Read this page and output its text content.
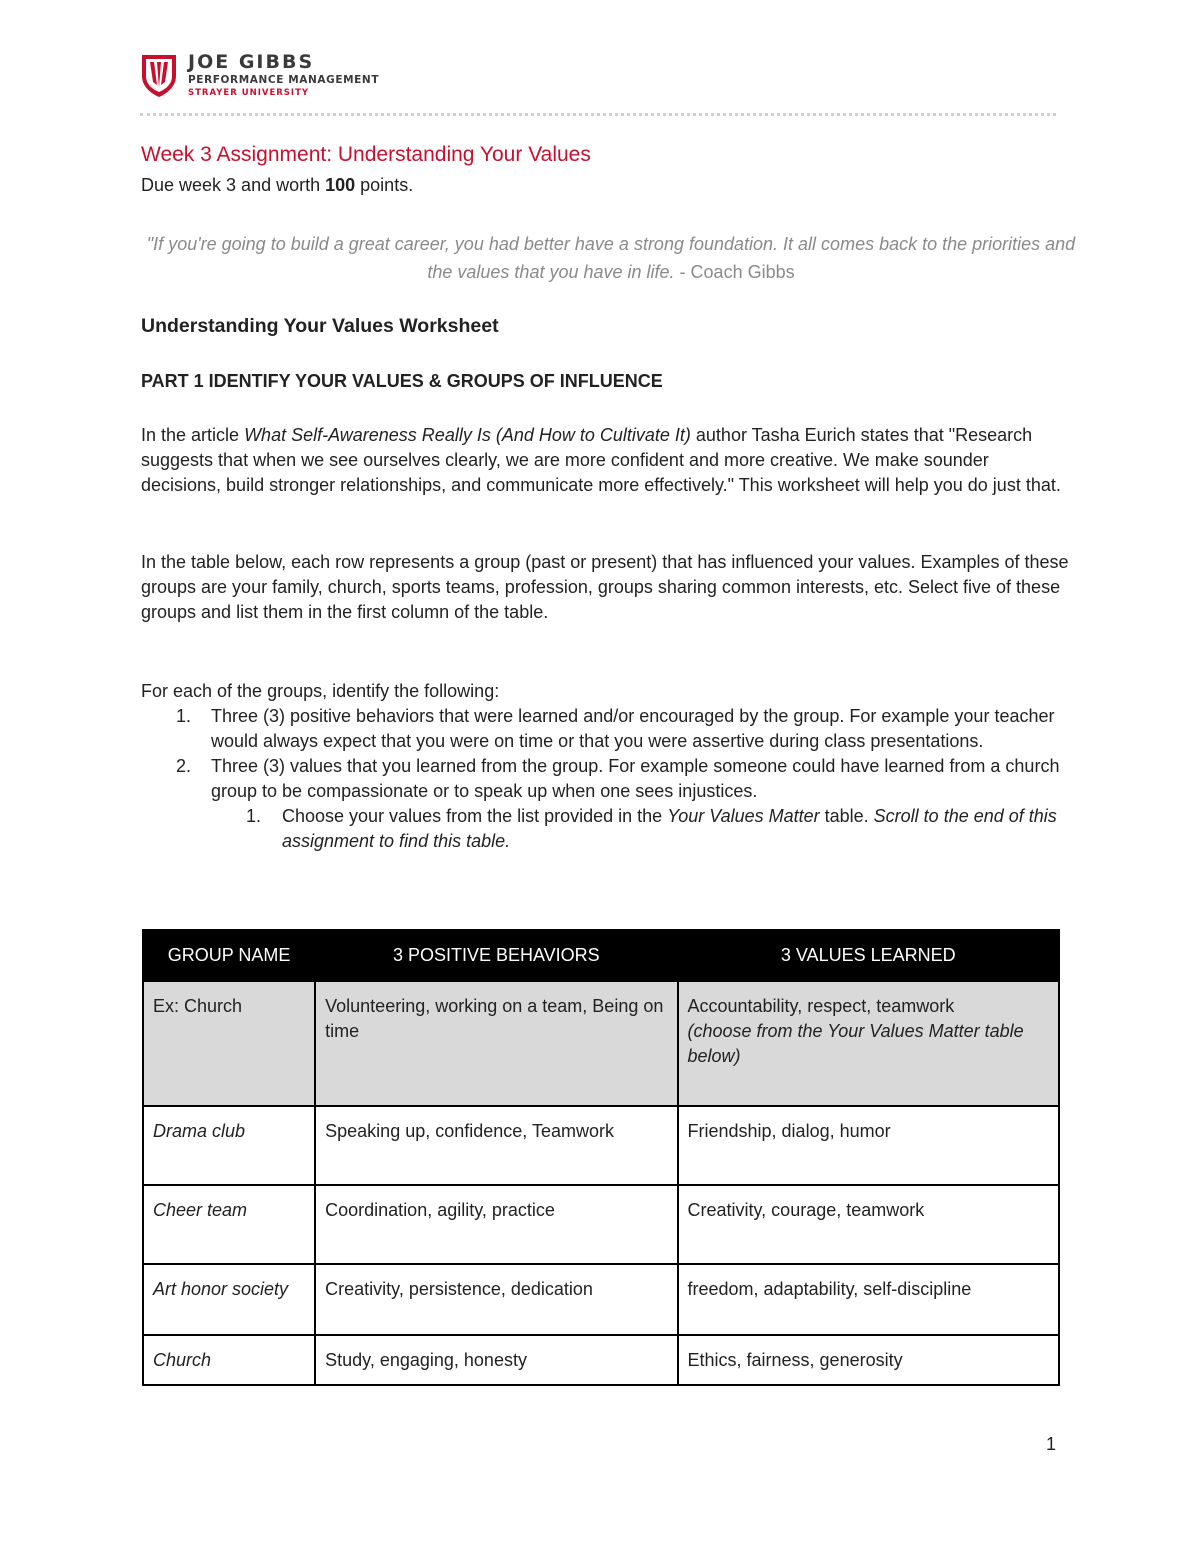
JOE GIBBS
PERFORMANCE MANAGEMENT
STRAYER UNIVERSITY
Week 3 Assignment: Understanding Your Values
Due week 3 and worth 100 points.
"If you're going to build a great career, you had better have a strong foundation. It all comes back to the priorities and the values that you have in life. - Coach Gibbs
Understanding Your Values Worksheet
PART 1 IDENTIFY YOUR VALUES & GROUPS OF INFLUENCE
In the article What Self-Awareness Really Is (And How to Cultivate It) author Tasha Eurich states that "Research suggests that when we see ourselves clearly, we are more confident and more creative. We make sounder decisions, build stronger relationships, and communicate more effectively." This worksheet will help you do just that.
In the table below, each row represents a group (past or present) that has influenced your values. Examples of these groups are your family, church, sports teams, profession, groups sharing common interests, etc. Select five of these groups and list them in the first column of the table.
For each of the groups, identify the following:
1. Three (3) positive behaviors that were learned and/or encouraged by the group. For example your teacher would always expect that you were on time or that you were assertive during class presentations.
2. Three (3) values that you learned from the group. For example someone could have learned from a church group to be compassionate or to speak up when one sees injustices.
1. Choose your values from the list provided in the Your Values Matter table. Scroll to the end of this assignment to find this table.
GROUP NAME	3 POSITIVE BEHAVIORS	3 VALUES LEARNED
Ex: Church	Volunteering, working on a team, Being on time	Accountability, respect, teamwork
(choose from the Your Values Matter table below)
Drama club	Speaking up, confidence, Teamwork	Friendship, dialog, humor
Cheer team	Coordination, agility, practice	Creativity, courage, teamwork
Art honor society	Creativity, persistence, dedication	freedom, adaptability, self-discipline
Church	Study, engaging, honesty	Ethics, fairness, generosity
1
